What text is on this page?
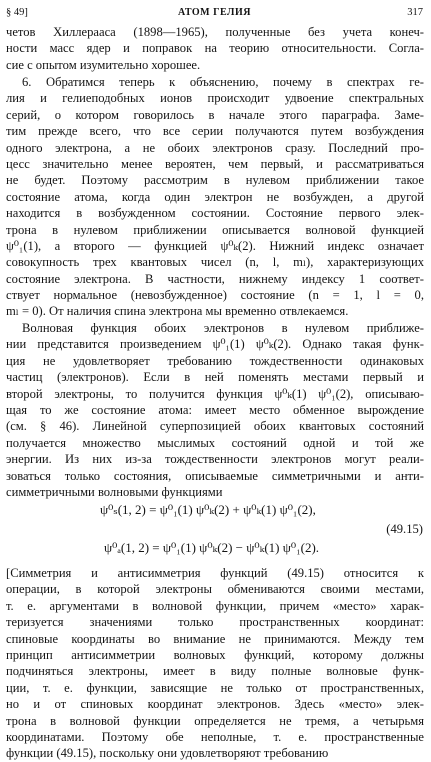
§ 49]	АТОМ ГЕЛИЯ	317
четов Хиллераасa (1898—1965), полученные без учета конеч-
ности масс ядер и поправок на теорию относительности. Согла-
сие с опытом изумительно хорошее.
6. Обратимся теперь к объяснению, почему в спектрах ге-
лия и гелиеподобных ионов происходит удвоение спектральных
серий, о котором говорилось в начале этого параграфа. Заме-
тим прежде всего, что все серии получаются путем возбуждения
одного электрона, а не обоих электронов сразу. Последний про-
цесс значительно менее вероятен, чем первый, и рассматриваться
не будет. Поэтому рассмотрим в нулевом приближении такое
состояние атома, когда один электрон не возбужден, а другой
находится в возбужденном состоянии. Состояние первого элек-
трона в нулевом приближении описывается волновой функцией
ψ⁰₁(1), а второго — функцией ψ⁰ₖ(2). Нижний индекс означает
совокупность трех квантовых чисел (n, l, mₗ), характеризующих
состояние электрона. В частности, нижнему индексу 1 соответ-
ствует нормальное (невозбужденное) состояние (n = 1, l = 0,
mₗ = 0). От наличия спина электрона мы временно отвлекаемся.
Волновая функция обоих электронов в нулевом приближе-
нии представится произведением ψ⁰₁(1) ψ⁰ₖ(2). Однако такая функ-
ция не удовлетворяет требованию тождественности одинаковых
частиц (электронов). Если в ней поменять местами первый и
второй электроны, то получится функция ψ⁰ₖ(1) ψ⁰₁(2), описываю-
щая то же состояние атома: имеет место обменное вырождение
(см. § 46). Линейной суперпозицией обоих квантовых состояний
получается множество мыслимых состояний одной и той же
энергии. Из них из-за тождественности электронов могут реали-
зоваться только состояния, описываемые симметричными и анти-
симметричными волновыми функциями
ψ⁰ₛ(1, 2) = ψ⁰₁(1) ψ⁰ₖ(2) + ψ⁰ₖ(1) ψ⁰₁(2),
ψ⁰ₐ(1, 2) = ψ⁰₁(1) ψ⁰ₖ(2) − ψ⁰ₖ(1) ψ⁰₁(2).
(49.15)
[Симметрия и антисимметрия функций (49.15) относится к
операции, в которой электроны обмениваются своими местами,
т. е. аргументами в волновой функции, причем «место» харак-
теризуется значениями только пространственных координат:
спиновые координаты во внимание не принимаются. Между тем
принцип антисимметрии волновых функций, которому должны
подчиняться электроны, имеет в виду полные волновые функ-
ции, т. е. функции, зависящие не только от пространственных,
но и от спиновых координат электронов. Здесь «место» элек-
трона в волновой функции определяется не тремя, а четырьмя
координатами. Поэтому обе неполные, т. е. пространственные
функции (49.15), поскольку они удовлетворяют требованию
